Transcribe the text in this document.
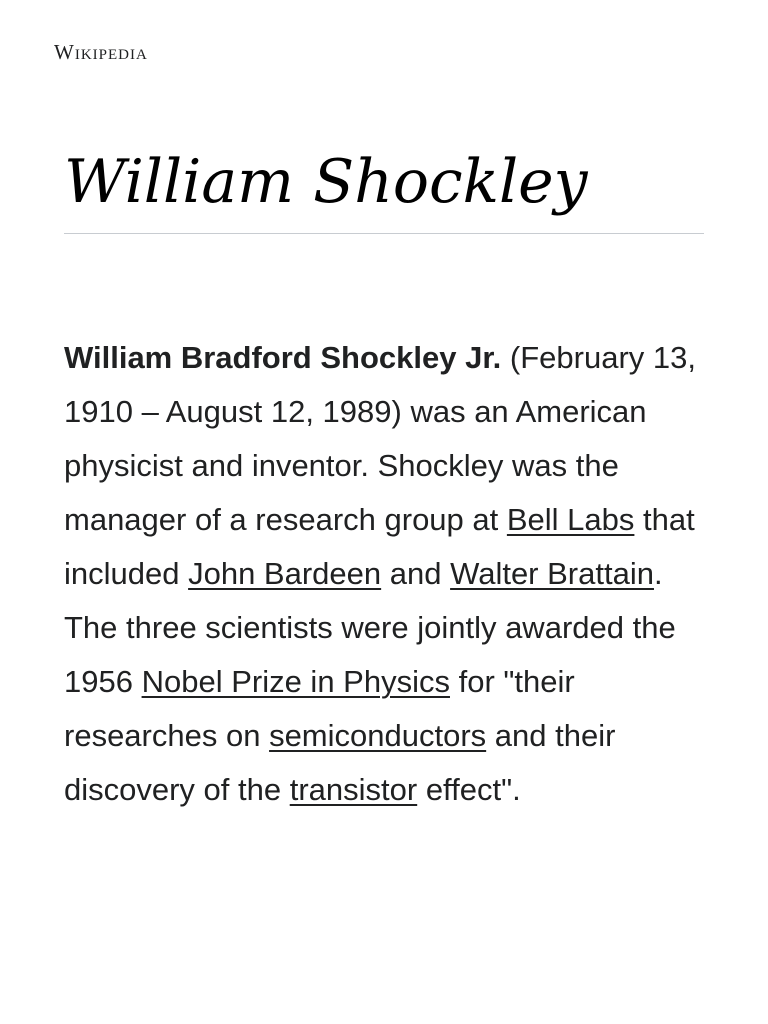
Wikipedia
William Shockley

William Bradford Shockley Jr. (February 13, 1910 – August 12, 1989) was an American physicist and inventor. Shockley was the manager of a research group at Bell Labs that included John Bardeen and Walter Brattain. The three scientists were jointly awarded the 1956 Nobel Prize in Physics for "their researches on semiconductors and their discovery of the transistor effect".
